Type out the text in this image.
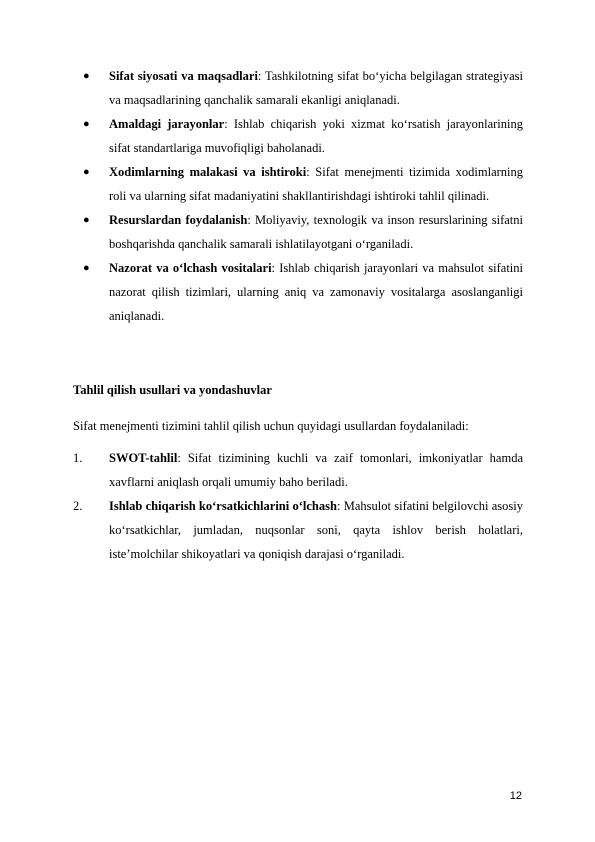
● Sifat siyosati va maqsadlari: Tashkilotning sifat bo‘yicha belgilagan strategiyasi va maqsadlarining qanchalik samarali ekanligi aniqlanadi.
● Amaldagi jarayonlar: Ishlab chiqarish yoki xizmat ko‘rsatish jarayonlarining sifat standartlariga muvofiqligi baholanadi.
● Xodimlarning malakasi va ishtiroki: Sifat menejmenti tizimida xodimlarning roli va ularning sifat madaniyatini shakllantirishdagi ishtiroki tahlil qilinadi.
● Resurslardan foydalanish: Moliyaviy, texnologik va inson resurslarining sifatni boshqarishda qanchalik samarali ishlatilayotgani o‘rganiladi.
● Nazorat va o‘lchash vositalari: Ishlab chiqarish jarayonlari va mahsulot sifatini nazorat qilish tizimlari, ularning aniq va zamonaviy vositalarga asoslanganligi aniqlanadi.
Tahlil qilish usullari va yondashuvlar
Sifat menejmenti tizimini tahlil qilish uchun quyidagi usullardan foydalaniladi:
1. SWOT-tahlil: Sifat tizimining kuchli va zaif tomonlari, imkoniyatlar hamda xavflarni aniqlash orqali umumiy baho beriladi.
2. Ishlab chiqarish ko‘rsatkichlarini o‘lchash: Mahsulot sifatini belgilovchi asosiy ko‘rsatkichlar, jumladan, nuqsonlar soni, qayta ishlov berish holatlari, iste’molchilar shikoyatlari va qoniqish darajasi o‘rganiladi.
12
